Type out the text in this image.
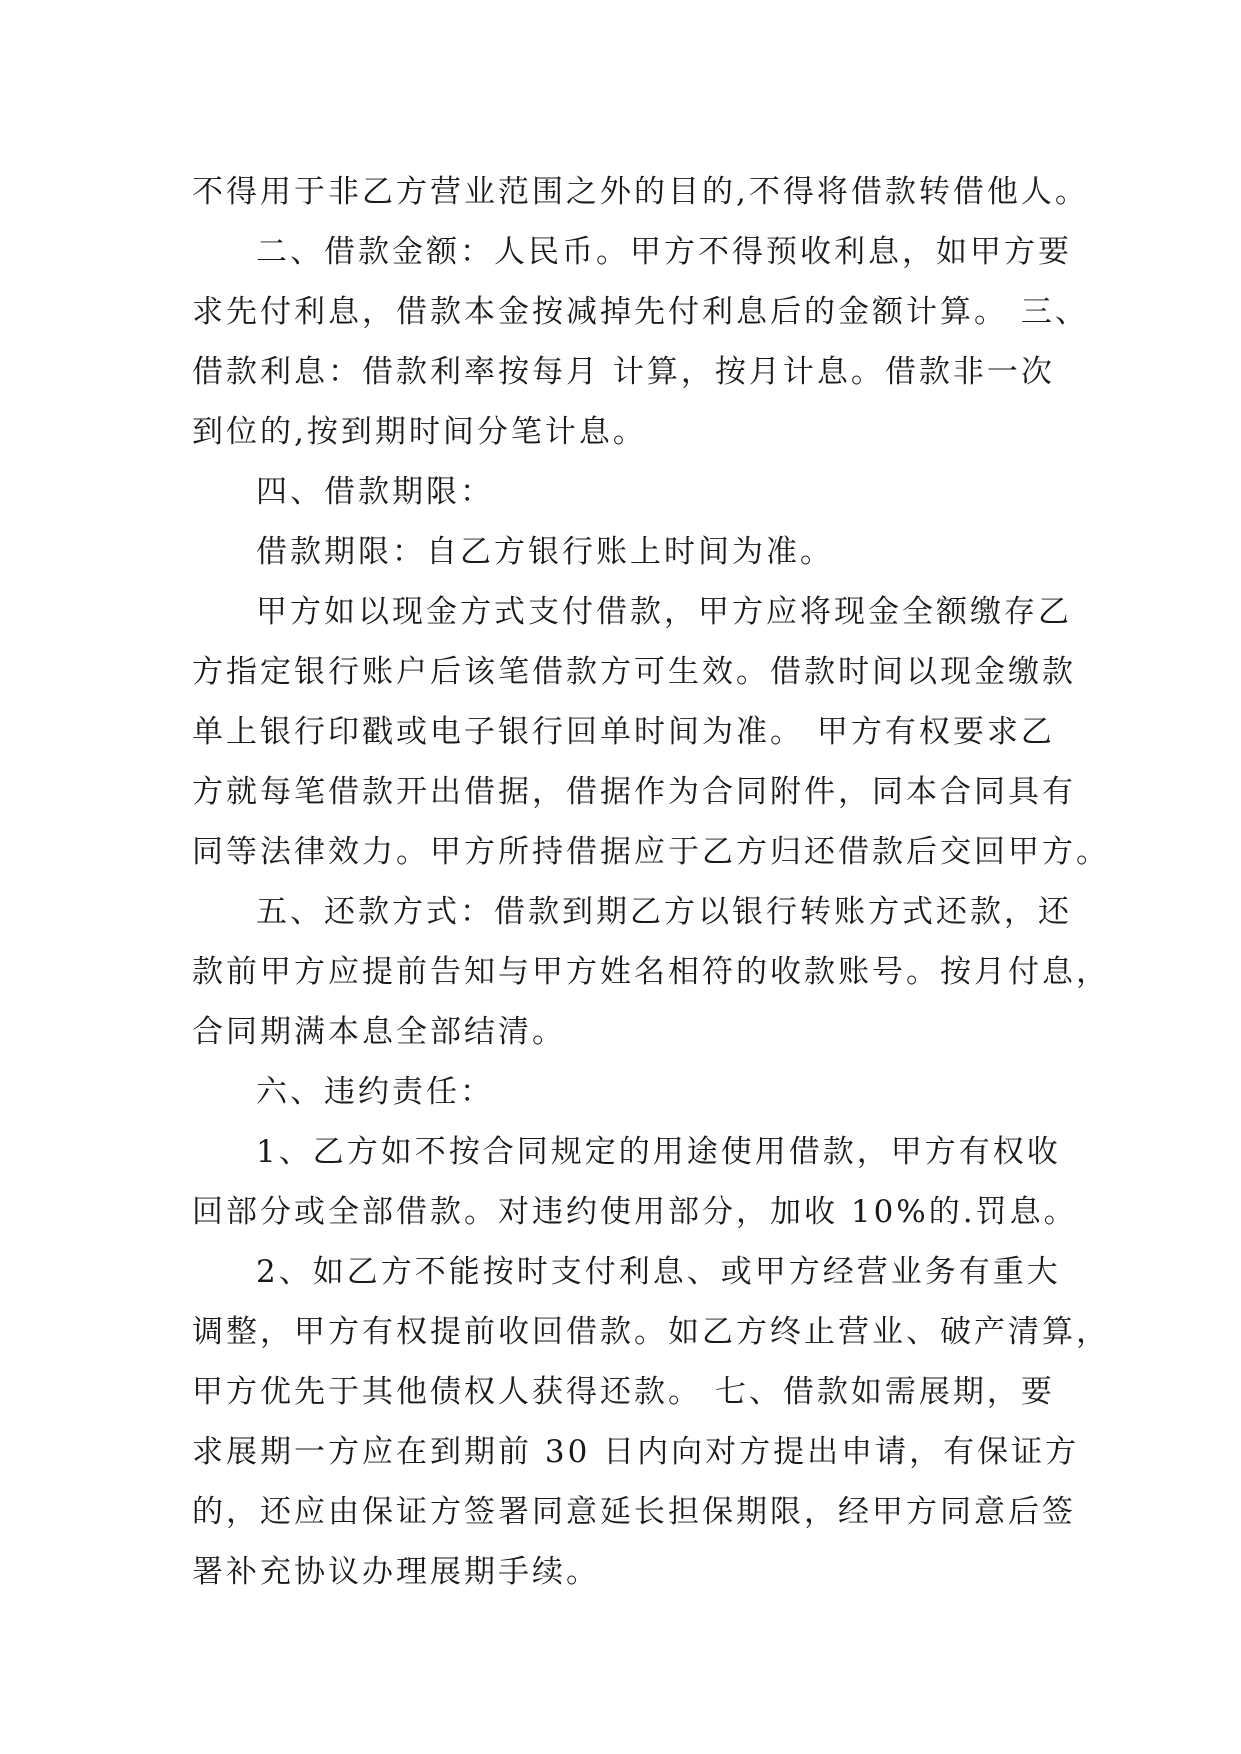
不得用于非乙方营业范围之外的目的,不得将借款转借他人。
二、借款金额：人民币。甲方不得预收利息，如甲方要
求先付利息，借款本金按减掉先付利息后的金额计算。 三、
借款利息：借款利率按每月 计算，按月计息。借款非一次
到位的,按到期时间分笔计息。
四、借款期限：
借款期限：自乙方银行账上时间为准。
甲方如以现金方式支付借款，甲方应将现金全额缴存乙
方指定银行账户后该笔借款方可生效。借款时间以现金缴款
单上银行印戳或电子银行回单时间为准。 甲方有权要求乙
方就每笔借款开出借据，借据作为合同附件，同本合同具有
同等法律效力。甲方所持借据应于乙方归还借款后交回甲方。
五、还款方式：借款到期乙方以银行转账方式还款，还
款前甲方应提前告知与甲方姓名相符的收款账号。按月付息，
合同期满本息全部结清。
六、违约责任：
1、乙方如不按合同规定的用途使用借款，甲方有权收
回部分或全部借款。对违约使用部分，加收 10%的.罚息。
2、如乙方不能按时支付利息、或甲方经营业务有重大
调整，甲方有权提前收回借款。如乙方终止营业、破产清算，
甲方优先于其他债权人获得还款。 七、借款如需展期，要
求展期一方应在到期前 30 日内向对方提出申请，有保证方
的，还应由保证方签署同意延长担保期限，经甲方同意后签
署补充协议办理展期手续。
